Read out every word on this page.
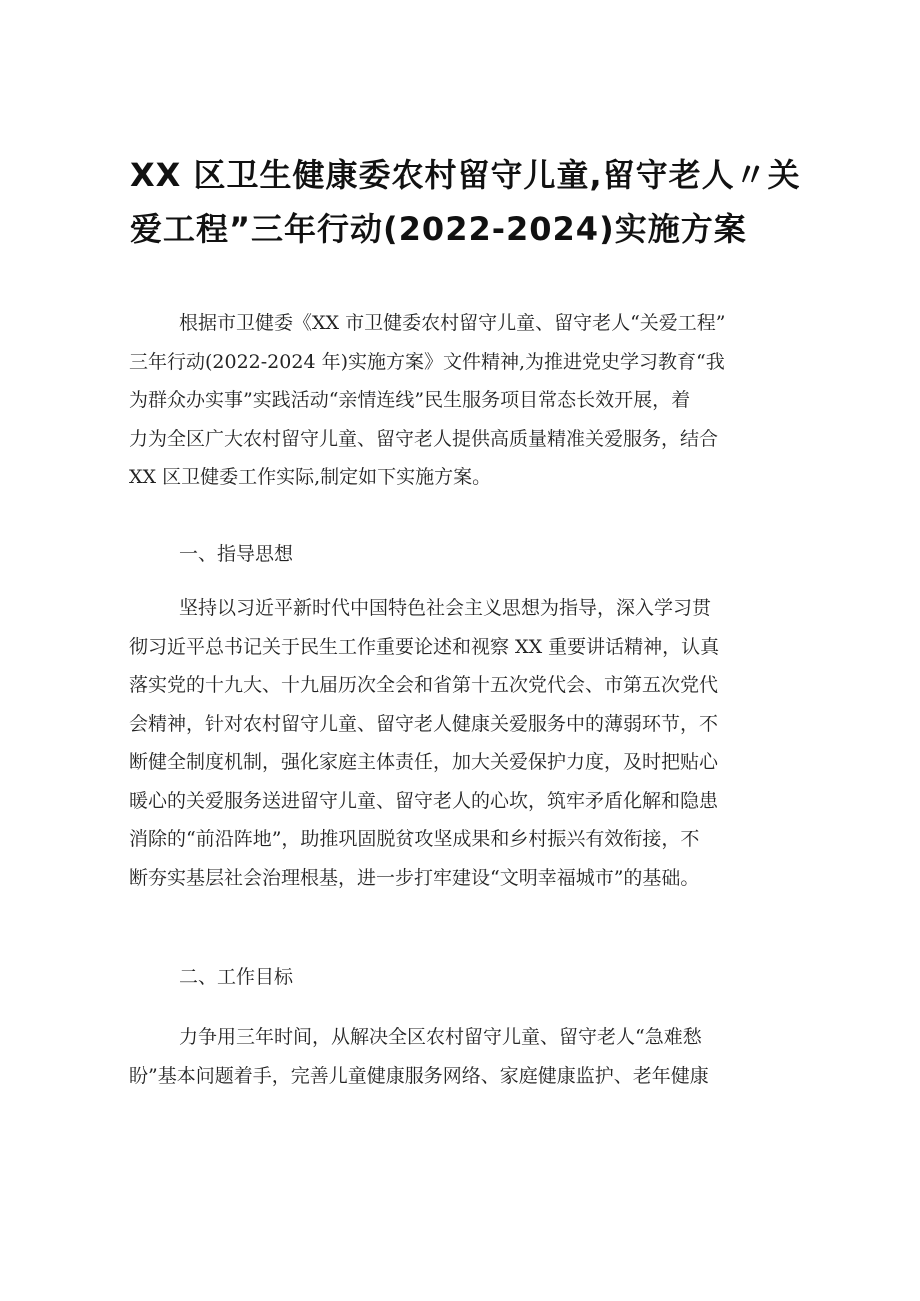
XX 区卫生健康委农村留守儿童,留守老人〃关
爱工程”三年行动(2022-2024)实施方案
根据市卫健委《XX 市卫健委农村留守儿童、留守老人“关爱工程”
三年行动(2022-2024 年)实施方案》文件精神,为推进党史学习教育“我
为群众办实事”实践活动“亲情连线”民生服务项目常态长效开展，着
力为全区广大农村留守儿童、留守老人提供高质量精准关爱服务，结合
XX 区卫健委工作实际,制定如下实施方案。
一、指导思想
坚持以习近平新时代中国特色社会主义思想为指导，深入学习贯
彻习近平总书记关于民生工作重要论述和视察 XX 重要讲话精神，认真
落实党的十九大、十九届历次全会和省第十五次党代会、市第五次党代
会精神，针对农村留守儿童、留守老人健康关爱服务中的薄弱环节，不
断健全制度机制，强化家庭主体责任，加大关爱保护力度，及时把贴心
暖心的关爱服务送进留守儿童、留守老人的心坎，筑牢矛盾化解和隐患
消除的“前沿阵地”，助推巩固脱贫攻坚成果和乡村振兴有效衔接，不
断夯实基层社会治理根基，进一步打牢建设“文明幸福城市”的基础。
二、工作目标
力争用三年时间，从解决全区农村留守儿童、留守老人“急难愁
盼”基本问题着手，完善儿童健康服务网络、家庭健康监护、老年健康
